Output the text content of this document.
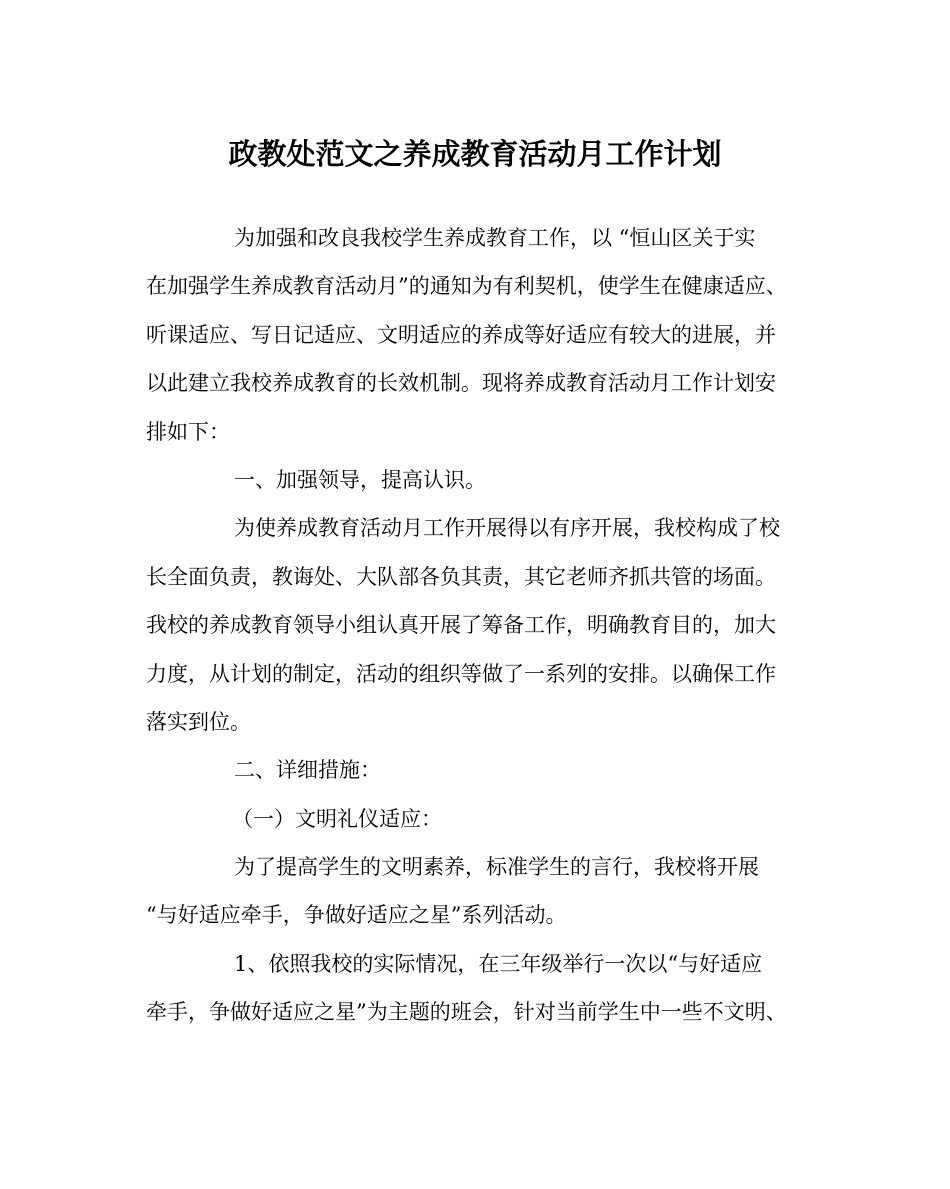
政教处范文之养成教育活动月工作计划
为加强和改良我校学生养成教育工作，以 “恒山区关于实
在加强学生养成教育活动月”的通知为有利契机，使学生在健康适应、
听课适应、写日记适应、文明适应的养成等好适应有较大的进展，并
以此建立我校养成教育的长效机制。现将养成教育活动月工作计划安
排如下：
一、加强领导，提高认识。
为使养成教育活动月工作开展得以有序开展，我校构成了校
长全面负责，教诲处、大队部各负其责，其它老师齐抓共管的场面。
我校的养成教育领导小组认真开展了筹备工作，明确教育目的，加大
力度，从计划的制定，活动的组织等做了一系列的安排。以确保工作
落实到位。
二、详细措施：
（一）文明礼仪适应：
为了提高学生的文明素养，标准学生的言行，我校将开展
“与好适应牵手，争做好适应之星”系列活动。
1、依照我校的实际情况，在三年级举行一次以“与好适应
牵手，争做好适应之星”为主题的班会，针对当前学生中一些不文明、
